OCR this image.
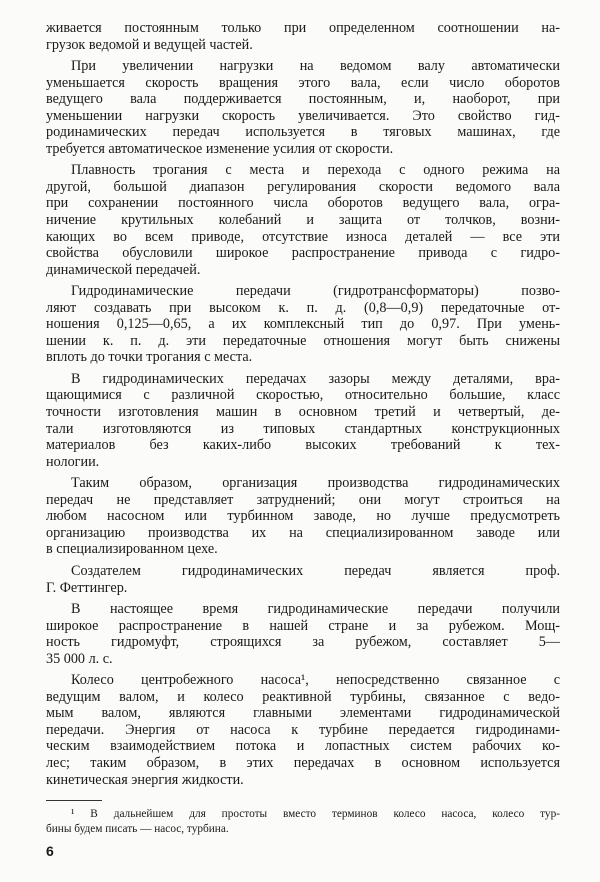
живается постоянным только при определенном соотношении на-
грузок ведомой и ведущей частей.
При увеличении нагрузки на ведомом валу автоматически
уменьшается скорость вращения этого вала, если число оборотов
ведущего вала поддерживается постоянным, и, наоборот, при
уменьшении нагрузки скорость увеличивается. Это свойство гид-
родинамических передач используется в тяговых машинах, где
требуется автоматическое изменение усилия от скорости.
Плавность трогания с места и перехода с одного режима на
другой, большой диапазон регулирования скорости ведомого вала
при сохранении постоянного числа оборотов ведущего вала, огра-
ничение крутильных колебаний и защита от толчков, возни-
кающих во всем приводе, отсутствие износа деталей — все эти
свойства обусловили широкое распространение привода с гидро-
динамической передачей.
Гидродинамические передачи (гидротрансформаторы) позво-
ляют создавать при высоком к. п. д. (0,8—0,9) передаточные от-
ношения 0,125—0,65, а их комплексный тип до 0,97. При умень-
шении к. п. д. эти передаточные отношения могут быть снижены
вплоть до точки трогания с места.
В гидродинамических передачах зазоры между деталями, вра-
щающимися с различной скоростью, относительно большие, класс
точности изготовления машин в основном третий и четвертый, де-
тали изготовляются из типовых стандартных конструкционных
материалов без каких-либо высоких требований к тех-
нологии.
Таким образом, организация производства гидродинамических
передач не представляет затруднений; они могут строиться на
любом насосном или турбинном заводе, но лучше предусмотреть
организацию производства их на специализированном заводе или
в специализированном цехе.
Создателем гидродинамических передач является проф.
Г. Феттингер.
В настоящее время гидродинамические передачи получили
широкое распространение в нашей стране и за рубежом. Мощ-
ность гидромуфт, строящихся за рубежом, составляет 5—
35 000 л. с.
Колесо центробежного насоса¹, непосредственно связанное с
ведущим валом, и колесо реактивной турбины, связанное с ведо-
мым валом, являются главными элементами гидродинамической
передачи. Энергия от насоса к турбине передается гидродинами-
ческим взаимодействием потока и лопастных систем рабочих ко-
лес; таким образом, в этих передачах в основном используется
кинетическая энергия жидкости.
¹ В дальнейшем для простоты вместо терминов колесо насоса, колесо тур-
бины будем писать — насос, турбина.
6
